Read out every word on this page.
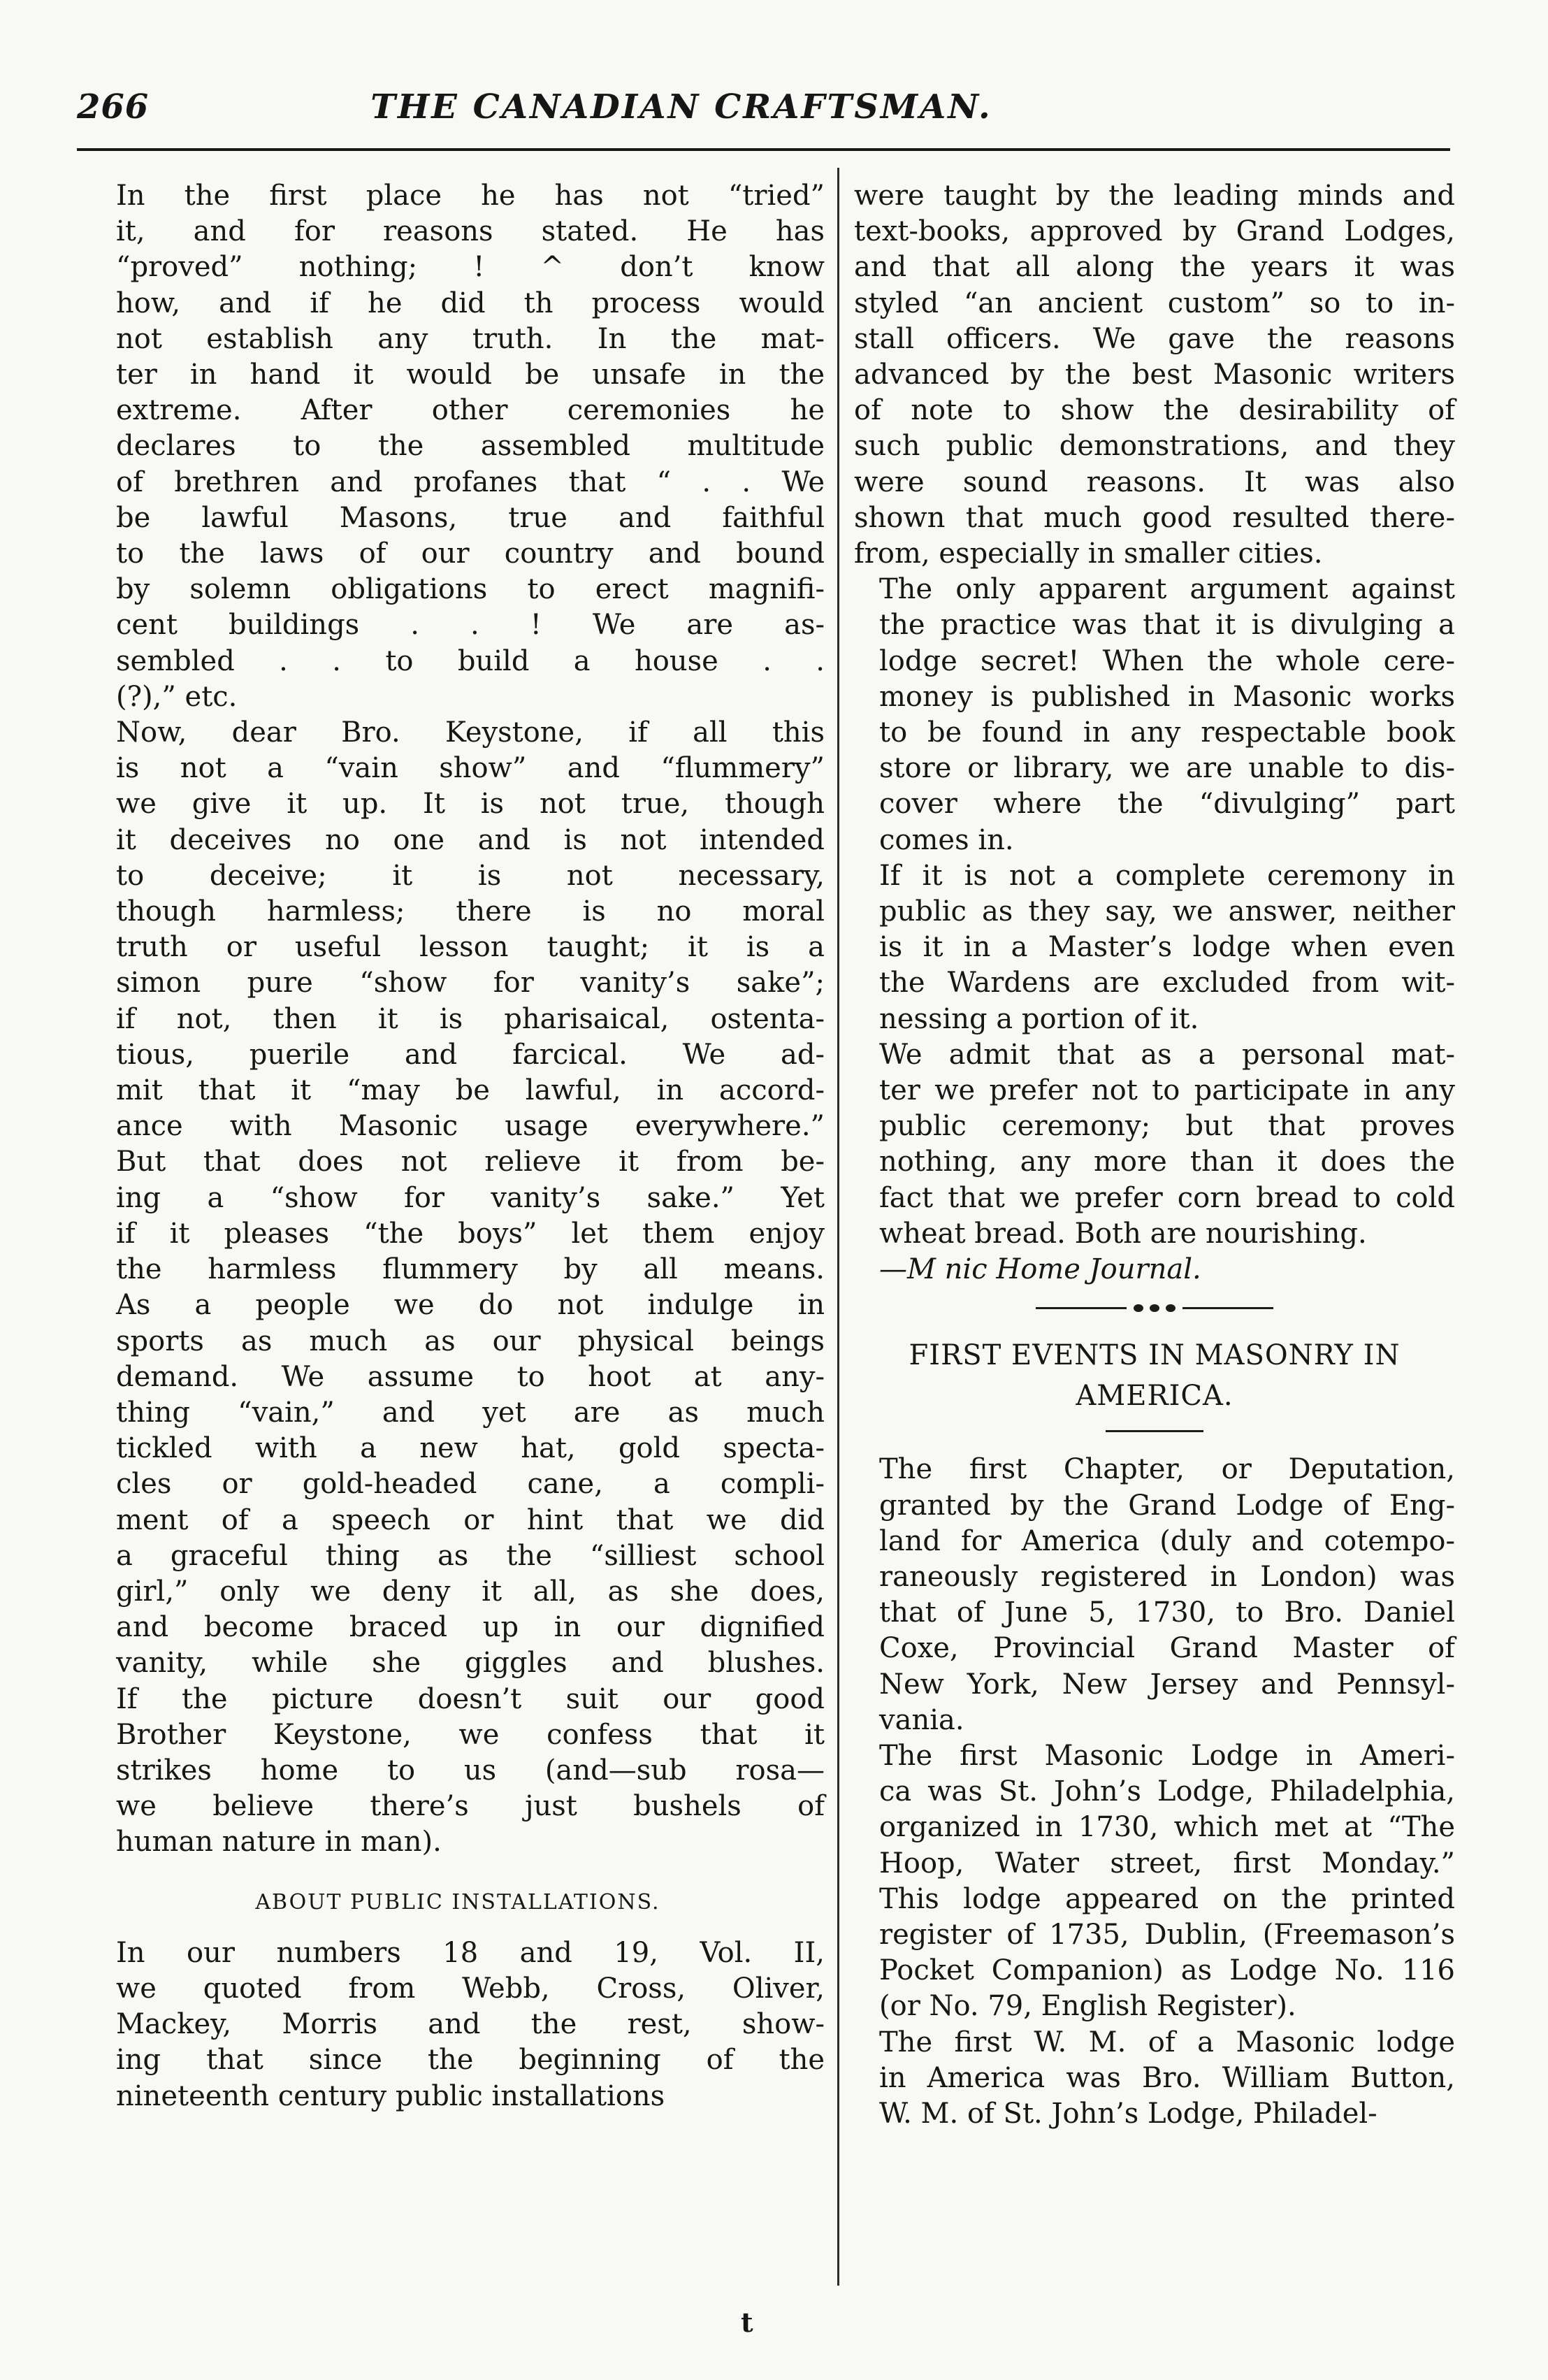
266	THE CANADIAN CRAFTSMAN.

In the first place he has not “tried”
it, and for reasons stated. He has
“proved” nothing; ! ^ don’t know
how, and if he did th process would
not establish any truth. In the mat-
ter in hand it would be unsafe in the
extreme. After other ceremonies he
declares to the assembled multitude
of brethren and profanes that “ . . We
be lawful Masons, true and faithful
to the laws of our country and bound
by solemn obligations to erect magnifi-
cent buildings . . ! We are as-
sembled . . to build a house . .
(?),” etc.

Now, dear Bro. Keystone, if all this
is not a “vain show” and “flummery”
we give it up. It is not true, though
it deceives no one and is not intended
to deceive; it is not necessary,
though harmless; there is no moral
truth or useful lesson taught; it is a
simon pure “show for vanity’s sake”;
if not, then it is pharisaical, ostenta-
tious, puerile and farcical. We ad-
mit that it “may be lawful, in accord-
ance with Masonic usage everywhere.”
But that does not relieve it from be-
ing a “show for vanity’s sake.” Yet
if it pleases “the boys” let them enjoy
the harmless flummery by all means.
As a people we do not indulge in
sports as much as our physical beings
demand. We assume to hoot at any-
thing “vain,” and yet are as much
tickled with a new hat, gold specta-
cles or gold-headed cane, a compli-
ment of a speech or hint that we did
a graceful thing as the “silliest school
girl,” only we deny it all, as she does,
and become braced up in our dignified
vanity, while she giggles and blushes.
If the picture doesn’t suit our good
Brother Keystone, we confess that it
strikes home to us (and—sub rosa—
we believe there’s just bushels of
human nature in man).

ABOUT PUBLIC INSTALLATIONS.

In our numbers 18 and 19, Vol. II,
we quoted from Webb, Cross, Oliver,
Mackey, Morris and the rest, show-
ing that since the beginning of the
nineteenth century public installations

were taught by the leading minds and
text-books, approved by Grand Lodges,
and that all along the years it was
styled “an ancient custom” so to in-
stall officers. We gave the reasons
advanced by the best Masonic writers
of note to show the desirability of
such public demonstrations, and they
were sound reasons. It was also
shown that much good resulted there-
from, especially in smaller cities.

The only apparent argument against
the practice was that it is divulging a
lodge secret! When the whole cere-
money is published in Masonic works
to be found in any respectable book
store or library, we are unable to dis-
cover where the “divulging” part
comes in.

If it is not a complete ceremony in
public as they say, we answer, neither
is it in a Master’s lodge when even
the Wardens are excluded from wit-
nessing a portion of it.

We admit that as a personal mat-
ter we prefer not to participate in any
public ceremony; but that proves
nothing, any more than it does the
fact that we prefer corn bread to cold
wheat bread. Both are nourishing.

—M nic Home Journal.

FIRST EVENTS IN MASONRY IN
AMERICA.

The first Chapter, or Deputation,
granted by the Grand Lodge of Eng-
land for America (duly and cotempo-
raneously registered in London) was
that of June 5, 1730, to Bro. Daniel
Coxe, Provincial Grand Master of
New York, New Jersey and Pennsyl-
vania.

The first Masonic Lodge in Ameri-
ca was St. John’s Lodge, Philadelphia,
organized in 1730, which met at “The
Hoop, Water street, first Monday.”
This lodge appeared on the printed
register of 1735, Dublin, (Freemason’s
Pocket Companion) as Lodge No. 116
(or No. 79, English Register).

The first W. M. of a Masonic lodge
in America was Bro. William Button,
W. M. of St. John’s Lodge, Philadel-

t
